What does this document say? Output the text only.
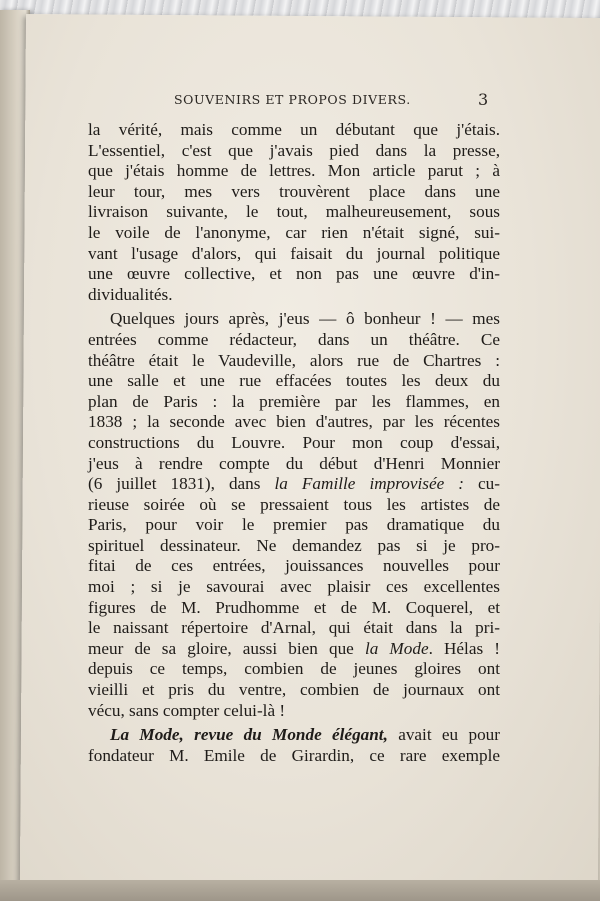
SOUVENIRS ET PROPOS DIVERS.	3
la vérité, mais comme un débutant que j'étais.
L'essentiel, c'est que j'avais pied dans la presse,
que j'étais homme de lettres. Mon article parut ; à
leur tour, mes vers trouvèrent place dans une
livraison suivante, le tout, malheureusement, sous
le voile de l'anonyme, car rien n'était signé, sui-
vant l'usage d'alors, qui faisait du journal politique
une œuvre collective, et non pas une œuvre d'in-
dividualités.
Quelques jours après, j'eus — ô bonheur ! — mes
entrées comme rédacteur, dans un théâtre. Ce
théâtre était le Vaudeville, alors rue de Chartres :
une salle et une rue effacées toutes les deux du
plan de Paris : la première par les flammes, en
1838 ; la seconde avec bien d'autres, par les récentes
constructions du Louvre. Pour mon coup d'essai,
j'eus à rendre compte du début d'Henri Monnier
(6 juillet 1831), dans la Famille improvisée : cu-
rieuse soirée où se pressaient tous les artistes de
Paris, pour voir le premier pas dramatique du
spirituel dessinateur. Ne demandez pas si je pro-
fitai de ces entrées, jouissances nouvelles pour
moi ; si je savourai avec plaisir ces excellentes
figures de M. Prudhomme et de M. Coquerel, et
le naissant répertoire d'Arnal, qui était dans la pri-
meur de sa gloire, aussi bien que la Mode. Hélas !
depuis ce temps, combien de jeunes gloires ont
vieilli et pris du ventre, combien de journaux ont
vécu, sans compter celui-là !
La Mode, revue du Monde élégant, avait eu pour
fondateur M. Emile de Girardin, ce rare exemple
